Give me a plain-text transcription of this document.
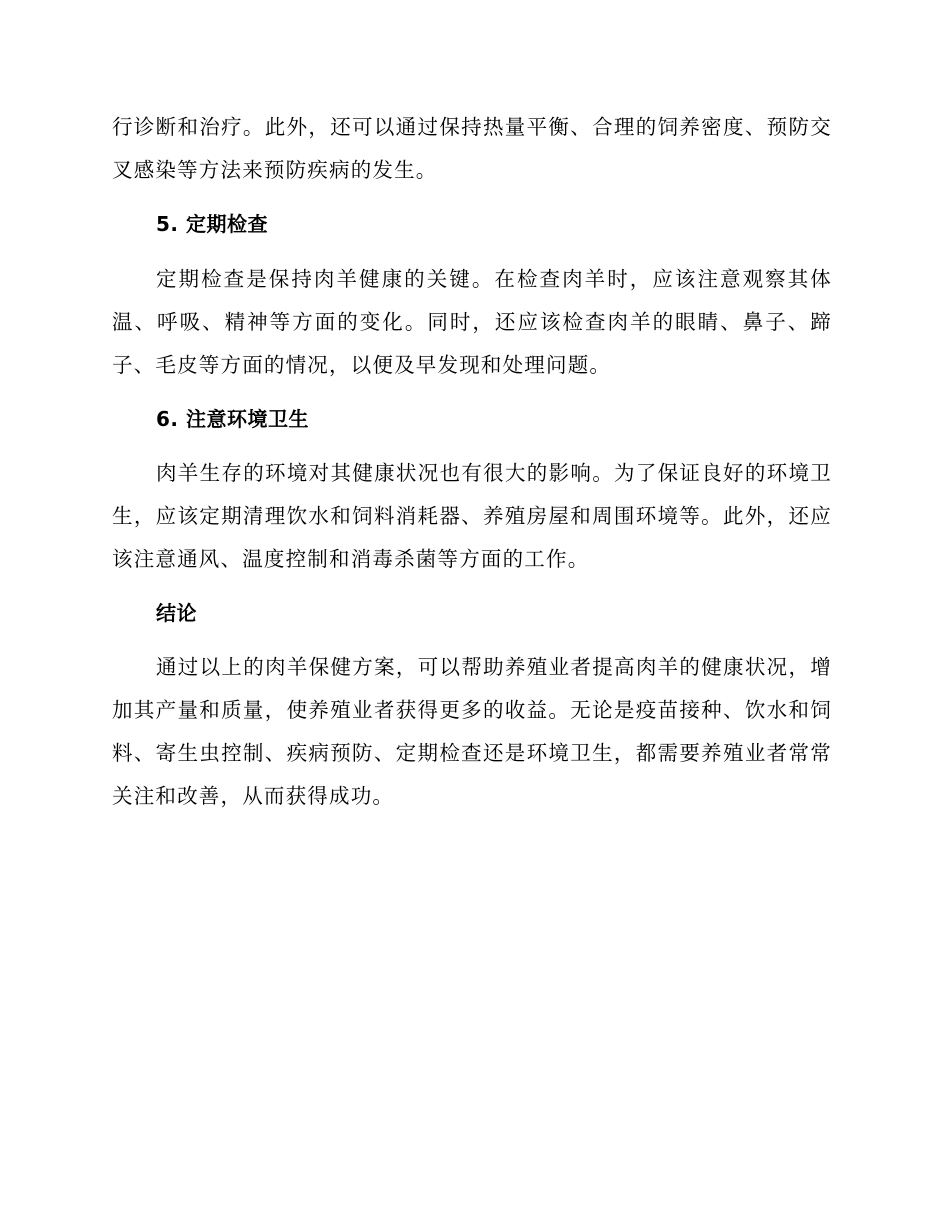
行诊断和治疗。此外，还可以通过保持热量平衡、合理的饲养密度、预防交叉感染等方法来预防疾病的发生。

5. 定期检查

定期检查是保持肉羊健康的关键。在检查肉羊时，应该注意观察其体温、呼吸、精神等方面的变化。同时，还应该检查肉羊的眼睛、鼻子、蹄子、毛皮等方面的情况，以便及早发现和处理问题。

6. 注意环境卫生

肉羊生存的环境对其健康状况也有很大的影响。为了保证良好的环境卫生，应该定期清理饮水和饲料消耗器、养殖房屋和周围环境等。此外，还应该注意通风、温度控制和消毒杀菌等方面的工作。

结论

通过以上的肉羊保健方案，可以帮助养殖业者提高肉羊的健康状况，增加其产量和质量，使养殖业者获得更多的收益。无论是疫苗接种、饮水和饲料、寄生虫控制、疾病预防、定期检查还是环境卫生，都需要养殖业者常常关注和改善，从而获得成功。
